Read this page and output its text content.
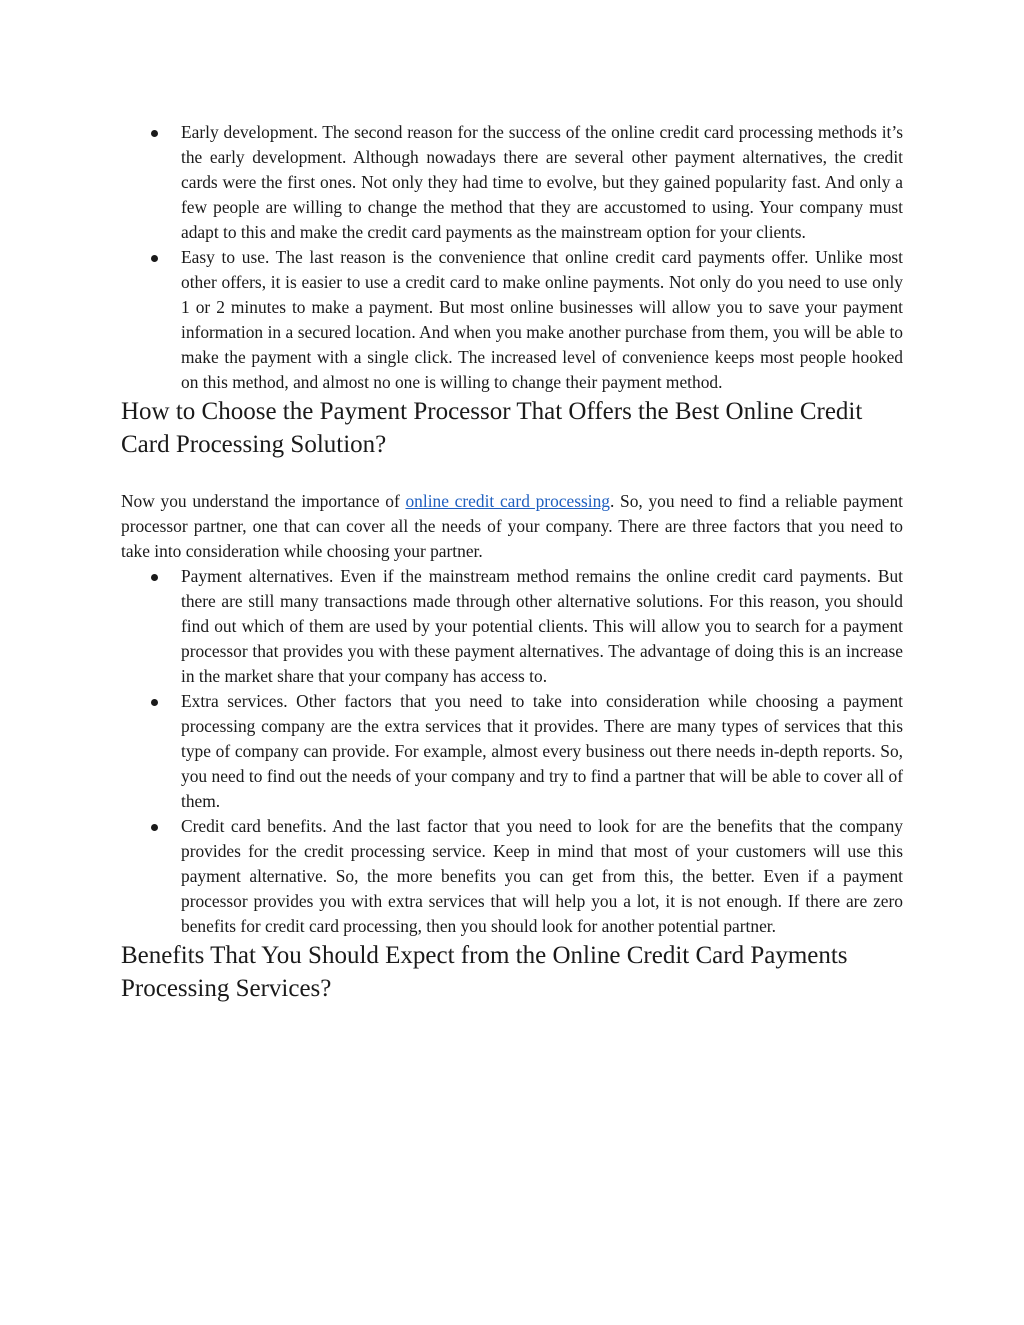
Early development. The second reason for the success of the online credit card processing methods it’s the early development. Although nowadays there are several other payment alternatives, the credit cards were the first ones. Not only they had time to evolve, but they gained popularity fast. And only a few people are willing to change the method that they are accustomed to using. Your company must adapt to this and make the credit card payments as the mainstream option for your clients.
Easy to use. The last reason is the convenience that online credit card payments offer. Unlike most other offers, it is easier to use a credit card to make online payments. Not only do you need to use only 1 or 2 minutes to make a payment. But most online businesses will allow you to save your payment information in a secured location. And when you make another purchase from them, you will be able to make the payment with a single click. The increased level of convenience keeps most people hooked on this method, and almost no one is willing to change their payment method.
How to Choose the Payment Processor That Offers the Best Online Credit Card Processing Solution?

Now you understand the importance of online credit card processing. So, you need to find a reliable payment processor partner, one that can cover all the needs of your company. There are three factors that you need to take into consideration while choosing your partner.

Payment alternatives. Even if the mainstream method remains the online credit card payments. But there are still many transactions made through other alternative solutions. For this reason, you should find out which of them are used by your potential clients. This will allow you to search for a payment processor that provides you with these payment alternatives. The advantage of doing this is an increase in the market share that your company has access to.
Extra services. Other factors that you need to take into consideration while choosing a payment processing company are the extra services that it provides. There are many types of services that this type of company can provide. For example, almost every business out there needs in-depth reports. So, you need to find out the needs of your company and try to find a partner that will be able to cover all of them.
Credit card benefits. And the last factor that you need to look for are the benefits that the company provides for the credit processing service. Keep in mind that most of your customers will use this payment alternative. So, the more benefits you can get from this, the better. Even if a payment processor provides you with extra services that will help you a lot, it is not enough. If there are zero benefits for credit card processing, then you should look for another potential partner.
Benefits That You Should Expect from the Online Credit Card Payments Processing Services?
